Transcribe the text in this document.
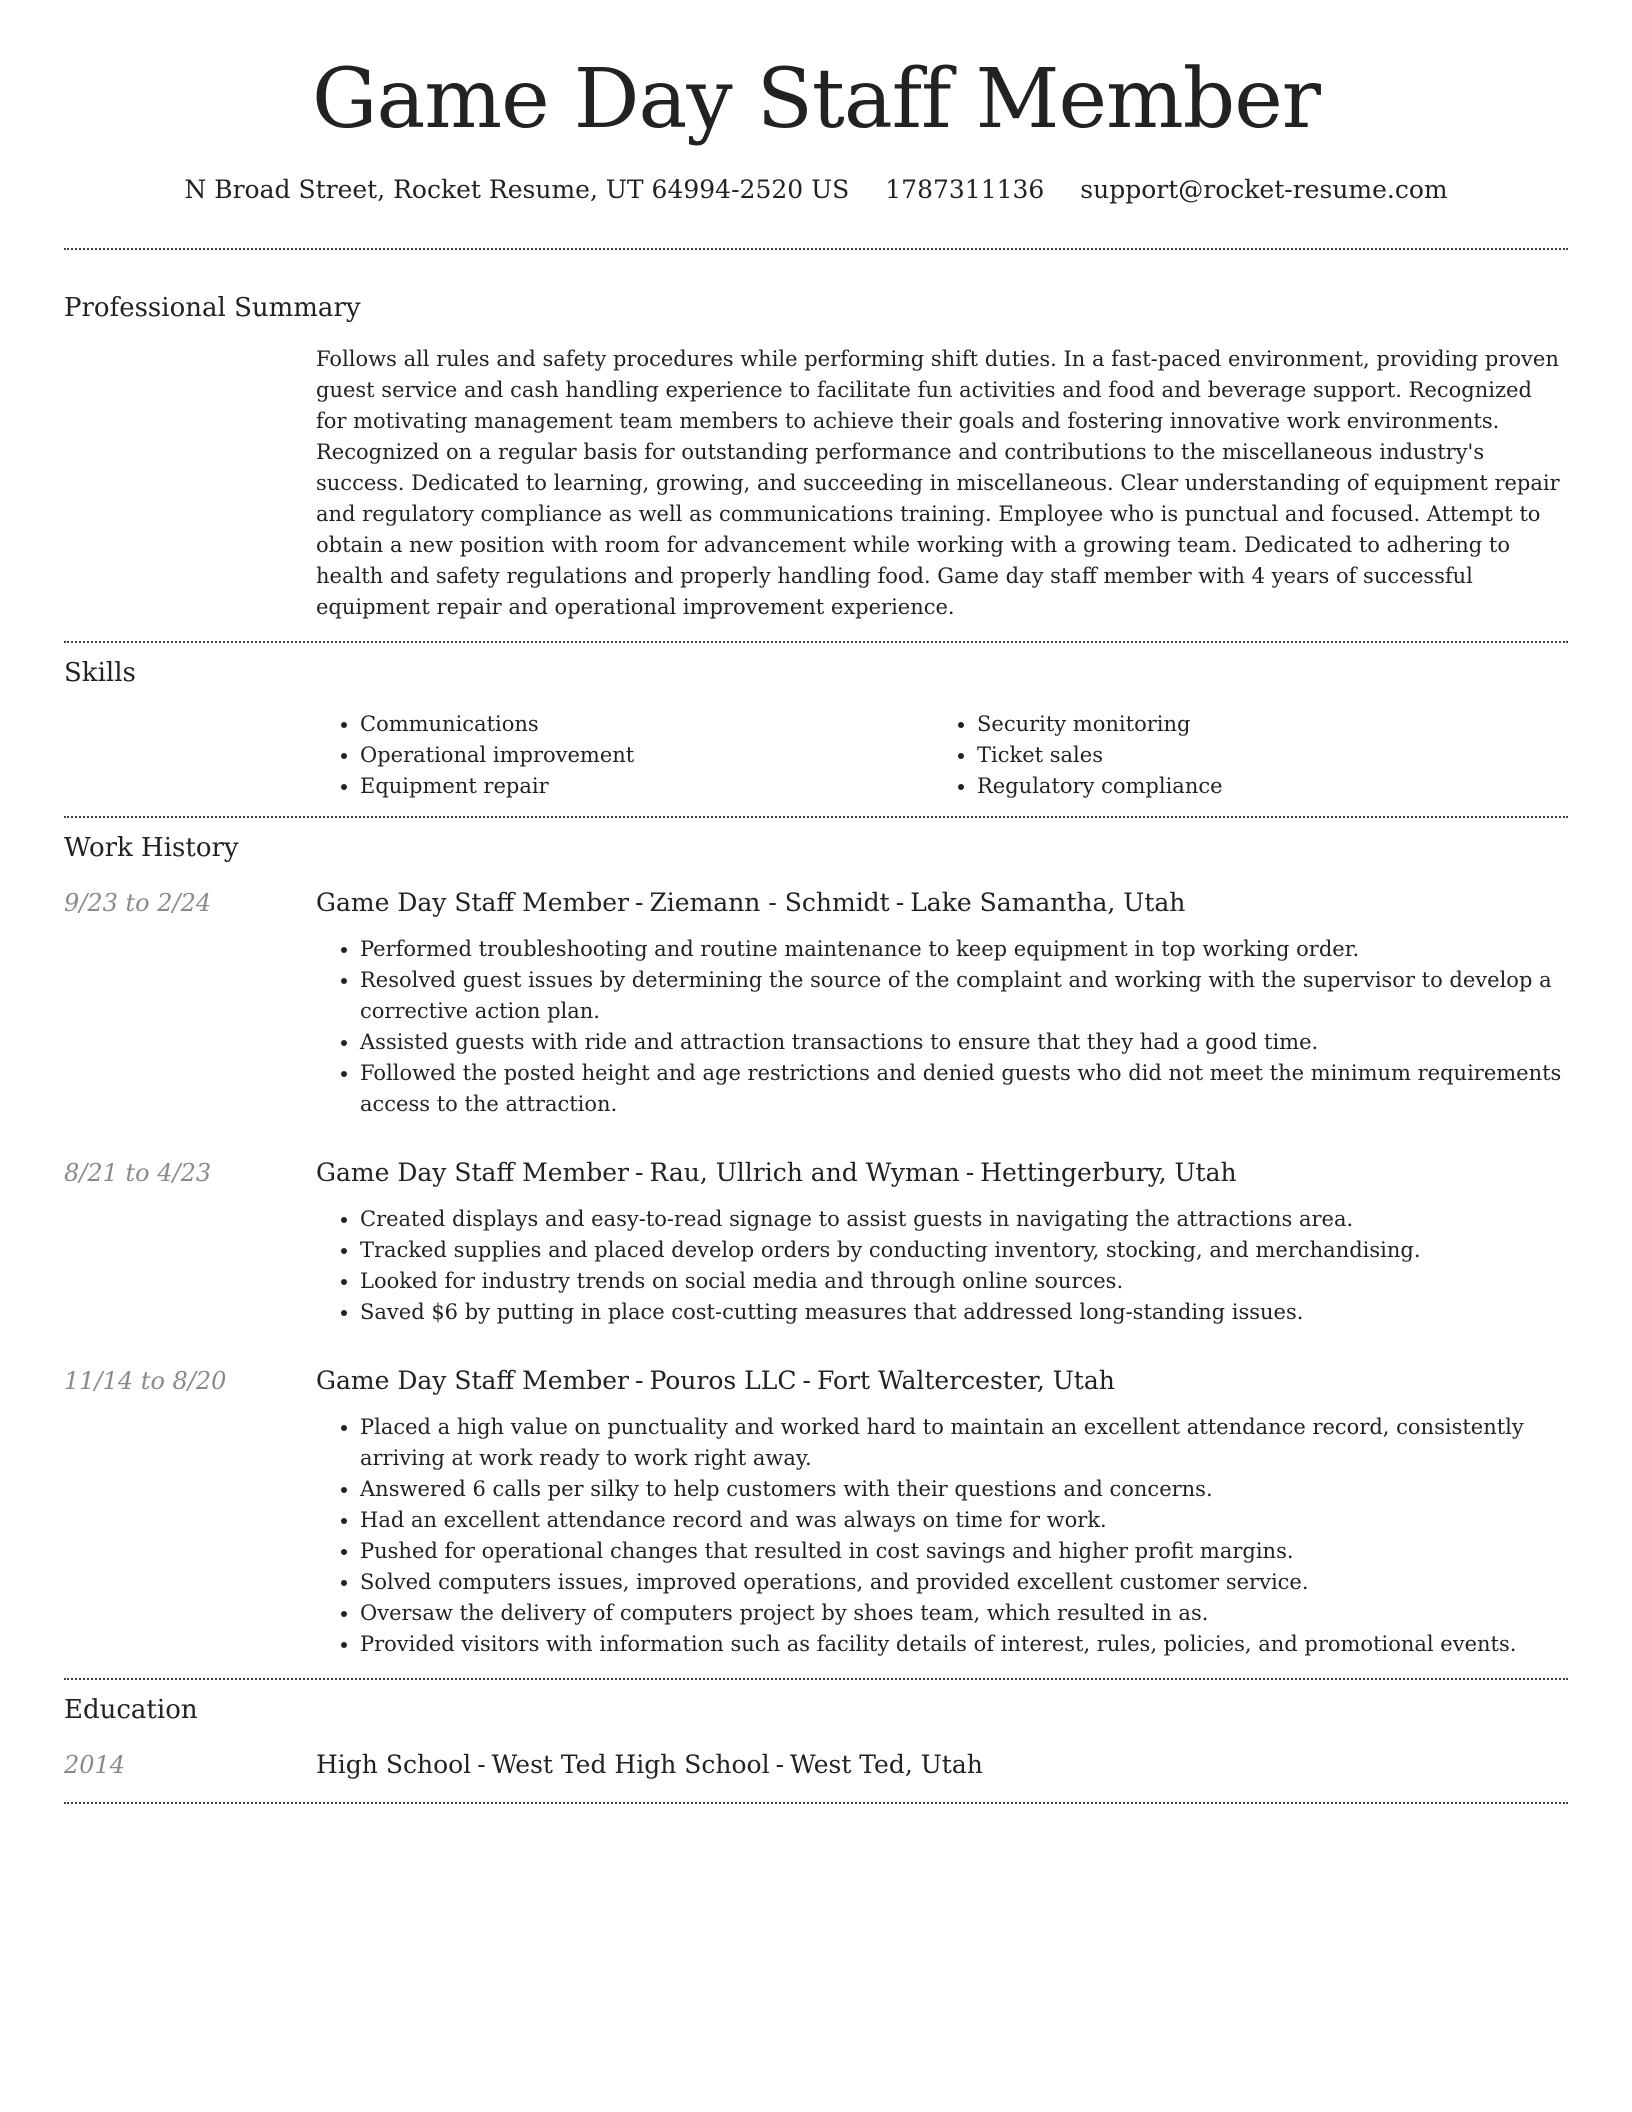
Game Day Staff Member
N Broad Street, Rocket Resume, UT 64994-2520 US 1787311136 support@rocket-resume.com
Professional Summary

Follows all rules and safety procedures while performing shift duties. In a fast-paced environment, providing proven guest service and cash handling experience to facilitate fun activities and food and beverage support. Recognized for motivating management team members to achieve their goals and fostering innovative work environments. Recognized on a regular basis for outstanding performance and contributions to the miscellaneous industry's success. Dedicated to learning, growing, and succeeding in miscellaneous. Clear understanding of equipment repair and regulatory compliance as well as communications training. Employee who is punctual and focused. Attempt to obtain a new position with room for advancement while working with a growing team. Dedicated to adhering to health and safety regulations and properly handling food. Game day staff member with 4 years of successful equipment repair and operational improvement experience.

Skills
• Communications
• Operational improvement
• Equipment repair
• Security monitoring
• Ticket sales
• Regulatory compliance
Work History
9/23 to 2/24	Game Day Staff Member - Ziemann - Schmidt - Lake Samantha, Utah
• Performed troubleshooting and routine maintenance to keep equipment in top working order.
• Resolved guest issues by determining the source of the complaint and working with the supervisor to develop a corrective action plan.
• Assisted guests with ride and attraction transactions to ensure that they had a good time.
• Followed the posted height and age restrictions and denied guests who did not meet the minimum requirements access to the attraction.
8/21 to 4/23	Game Day Staff Member - Rau, Ullrich and Wyman - Hettingerbury, Utah
• Created displays and easy-to-read signage to assist guests in navigating the attractions area.
• Tracked supplies and placed develop orders by conducting inventory, stocking, and merchandising.
• Looked for industry trends on social media and through online sources.
• Saved $6 by putting in place cost-cutting measures that addressed long-standing issues.
11/14 to 8/20	Game Day Staff Member - Pouros LLC - Fort Waltercester, Utah
• Placed a high value on punctuality and worked hard to maintain an excellent attendance record, consistently arriving at work ready to work right away.
• Answered 6 calls per silky to help customers with their questions and concerns.
• Had an excellent attendance record and was always on time for work.
• Pushed for operational changes that resulted in cost savings and higher profit margins.
• Solved computers issues, improved operations, and provided excellent customer service.
• Oversaw the delivery of computers project by shoes team, which resulted in as.
• Provided visitors with information such as facility details of interest, rules, policies, and promotional events.
Education
2014	High School - West Ted High School - West Ted, Utah
